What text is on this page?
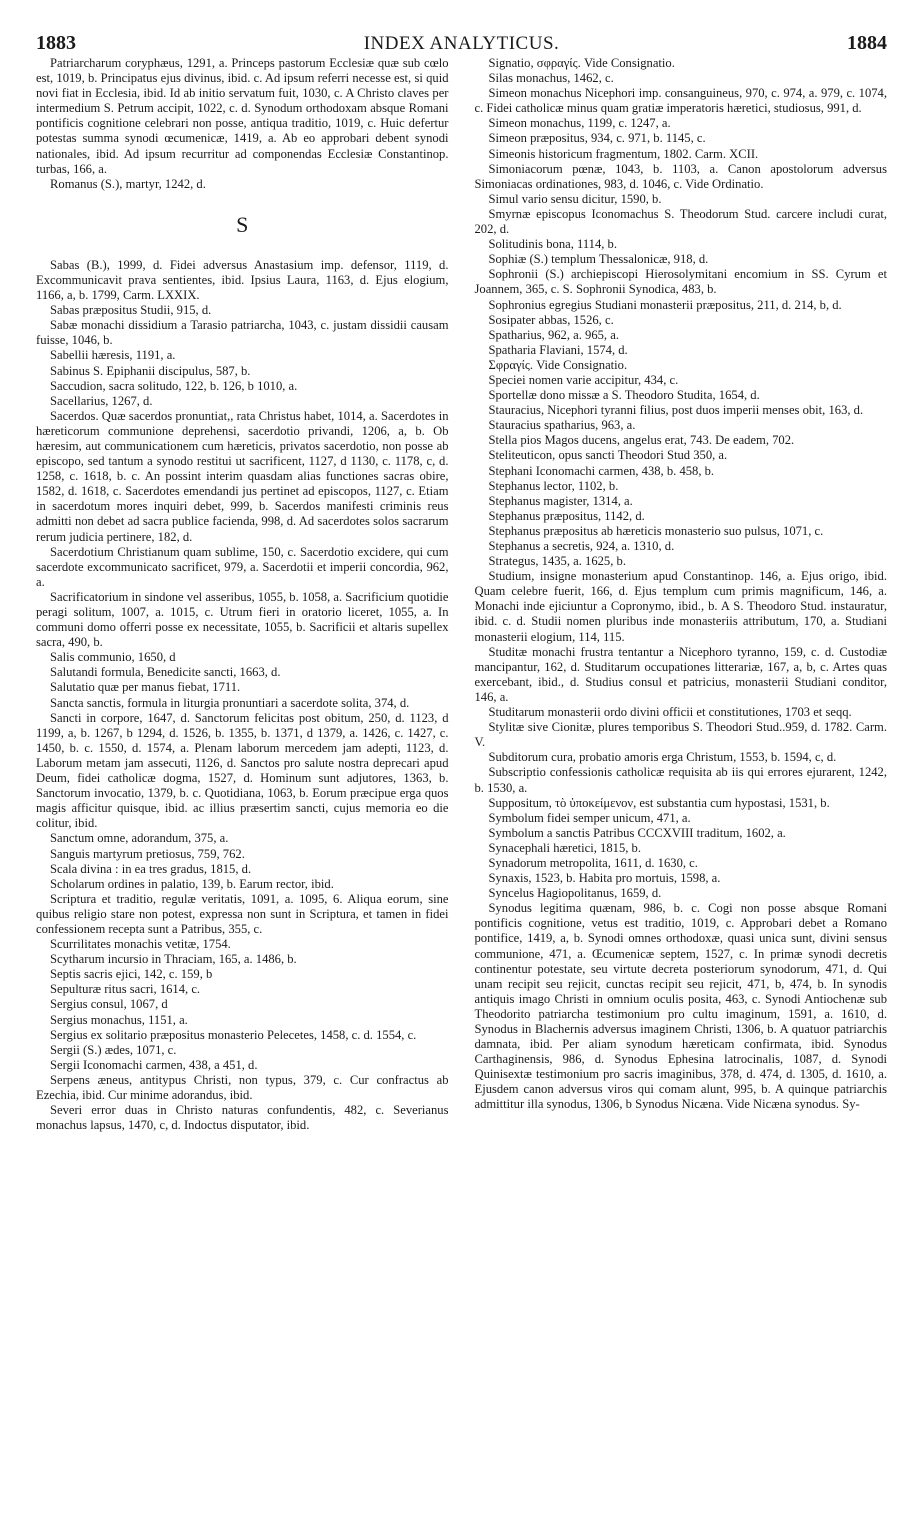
1883	INDEX ANALYTICUS.	1884

Patriarcharum coryphæus, 1291, a. Princeps pastorum Ecclesiæ quæ sub cœlo est, 1019, b. Principatus ejus divinus, ibid. c. Ad ipsum referri necesse est, si quid novi fiat in Ecclesia, ibid. Id ab initio servatum fuit, 1030, c. A Christo claves per intermedium S. Petrum accipit, 1022, c. d. Synodum orthodoxam absque Romani pontificis cognitione celebrari non posse, antiqua traditio, 1019, c. Huic defertur potestas summa synodi œcumenicæ, 1419, a. Ab eo approbari debent synodi nationales, ibid. Ad ipsum recurritur ad componendas Ecclesiæ Constantinop. turbas, 166, a.

Romanus (S.), martyr, 1242, d.

S

Sabas (B.), 1999, d. Fidei adversus Anastasium imp. defensor, 1119, d. Excommunicavit prava sentientes, ibid. Ipsius Laura, 1163, d. Ejus elogium, 1166, a, b. 1799, Carm. LXXIX.

Sabas præpositus Studii, 915, d.

Sabæ monachi dissidium a Tarasio patriarcha, 1043, c. justam dissidii causam fuisse, 1046, b.

Sabellii hæresis, 1191, a.

Sabinus S. Epiphanii discipulus, 587, b.

Saccudion, sacra solitudo, 122, b. 126, b 1010, a.

Sacellarius, 1267, d.

Sacerdos. Quæ sacerdos pronuntiat,, rata Christus habet, 1014, a. Sacerdotes in hæreticorum communione deprehensi, sacerdotio privandi, 1206, a, b. Ob hæresim, aut communicationem cum hæreticis, privatos sacerdotio, non posse ab episcopo, sed tantum a synodo restitui ut sacrificent, 1127, d 1130, c. 1178, c, d. 1258, c. 1618, b. c. An possint interim quasdam alias functiones sacras obire, 1582, d. 1618, c. Sacerdotes emendandi jus pertinet ad episcopos, 1127, c. Etiam in sacerdotum mores inquiri debet, 999, b. Sacerdos manifesti criminis reus admitti non debet ad sacra publice facienda, 998, d. Ad sacerdotes solos sacrarum rerum judicia pertinere, 182, d.

Sacerdotium Christianum quam sublime, 150, c. Sacerdotio excidere, qui cum sacerdote excommunicato sacrificet, 979, a. Sacerdotii et imperii concordia, 962, a.

Sacrificatorium in sindone vel asseribus, 1055, b. 1058, a. Sacrificium quotidie peragi solitum, 1007, a. 1015, c. Utrum fieri in oratorio liceret, 1055, a. In communi domo offerri posse ex necessitate, 1055, b. Sacrificii et altaris supellex sacra, 490, b.

Salis communio, 1650, d

Salutandi formula, Benedicite sancti, 1663, d.

Salutatio quæ per manus fiebat, 1711.

Sancta sanctis, formula in liturgia pronuntiari a sacerdote solita, 374, d.

Sancti in corpore, 1647, d. Sanctorum felicitas post obitum, 250, d. 1123, d 1199, a, b. 1267, b 1294, d. 1526, b. 1355, b. 1371, d 1379, a. 1426, c. 1427, c. 1450, b. c. 1550, d. 1574, a. Plenam laborum mercedem jam adepti, 1123, d. Laborum metam jam assecuti, 1126, d. Sanctos pro salute nostra deprecari apud Deum, fidei catholicæ dogma, 1527, d. Hominum sunt adjutores, 1363, b. Sanctorum invocatio, 1379, b. c. Quotidiana, 1063, b. Eorum præcipue erga quos magis afficitur quisque, ibid. ac illius præsertim sancti, cujus memoria eo die colitur, ibid.

Sanctum omne, adorandum, 375, a.

Sanguis martyrum pretiosus, 759, 762.

Scala divina : in ea tres gradus, 1815, d.

Scholarum ordines in palatio, 139, b. Earum rector, ibid.

Scriptura et traditio, regulæ veritatis, 1091, a. 1095, 6. Aliqua eorum, sine quibus religio stare non potest, expressa non sunt in Scriptura, et tamen in fidei confessionem recepta sunt a Patribus, 355, c.

Scurrilitates monachis vetitæ, 1754.

Scytharum incursio in Thraciam, 165, a. 1486, b.

Septis sacris ejici, 142, c. 159, b

Sepulturæ ritus sacri, 1614, c.

Sergius consul, 1067, d

Sergius monachus, 1151, a.

Sergius ex solitario præpositus monasterio Pelecetes, 1458, c. d. 1554, c.

Sergii (S.) ædes, 1071, c.

Sergii Iconomachi carmen, 438, a 451, d.

Serpens æneus, antitypus Christi, non typus, 379, c. Cur confractus ab Ezechia, ibid. Cur minime adorandus, ibid.

Severi error duas in Christo naturas confundentis, 482, c. Severianus monachus lapsus, 1470, c, d. Indoctus disputator, ibid.

Signatio, σφραγίς. Vide Consignatio.

Silas monachus, 1462, c.

Simeon monachus Nicephori imp. consanguineus, 970, c. 974, a. 979, c. 1074, c. Fidei catholicæ minus quam gratiæ imperatoris hæretici, studiosus, 991, d.

Simeon monachus, 1199, c. 1247, a.

Simeon præpositus, 934, c. 971, b. 1145, c.

Simeonis historicum fragmentum, 1802. Carm. XCII.

Simoniacorum pœnæ, 1043, b. 1103, a. Canon apostolorum adversus Simoniacas ordinationes, 983, d. 1046, c. Vide Ordinatio.

Simul vario sensu dicitur, 1590, b.

Smyrnæ episcopus Iconomachus S. Theodorum Stud. carcere includi curat, 202, d.

Solitudinis bona, 1114, b.

Sophiæ (S.) templum Thessalonicæ, 918, d.

Sophronii (S.) archiepiscopi Hierosolymitani encomium in SS. Cyrum et Joannem, 365, c. S. Sophronii Synodica, 483, b.

Sophronius egregius Studiani monasterii præpositus, 211, d. 214, b, d.

Sosipater abbas, 1526, c.

Spatharius, 962, a. 965, a.

Spatharia Flaviani, 1574, d.

Σφραγίς. Vide Consignatio.

Speciei nomen varie accipitur, 434, c.

Sportellæ dono missæ a S. Theodoro Studita, 1654, d.

Stauracius, Nicephori tyranni filius, post duos imperii menses obit, 163, d.

Stauracius spatharius, 963, a.

Stella pios Magos ducens, angelus erat, 743. De eadem, 702.

Steliteuticon, opus sancti Theodori Stud 350, a.

Stephani Iconomachi carmen, 438, b. 458, b.

Stephanus lector, 1102, b.

Stephanus magister, 1314, a.

Stephanus præpositus, 1142, d.

Stephanus præpositus ab hæreticis monasterio suo pulsus, 1071, c.

Stephanus a secretis, 924, a. 1310, d.

Strategus, 1435, a. 1625, b.

Studium, insigne monasterium apud Constantinop. 146, a. Ejus origo, ibid. Quam celebre fuerit, 166, d. Ejus templum cum primis magnificum, 146, a. Monachi inde ejiciuntur a Copronymo, ibid., b. A S. Theodoro Stud. instauratur, ibid. c. d. Studii nomen pluribus inde monasteriis attributum, 170, a. Studiani monasterii elogium, 114, 115.

Studitæ monachi frustra tentantur a Nicephoro tyranno, 159, c. d. Custodiæ mancipantur, 162, d. Studitarum occupationes litterariæ, 167, a, b, c. Artes quas exercebant, ibid., d. Studius consul et patricius, monasterii Studiani conditor, 146, a.

Studitarum monasterii ordo divini officii et constitutiones, 1703 et seqq.

Stylitæ sive Cionitæ, plures temporibus S. Theodori Stud..959, d. 1782. Carm. V.

Subditorum cura, probatio amoris erga Christum, 1553, b. 1594, c, d.

Subscriptio confessionis catholicæ requisita ab iis qui errores ejurarent, 1242, b. 1530, a.

Suppositum, τὸ ὑποκείμενον, est substantia cum hypostasi, 1531, b.

Symbolum fidei semper unicum, 471, a.

Symbolum a sanctis Patribus CCCXVIII traditum, 1602, a.

Synacephali hæretici, 1815, b.

Synadorum metropolita, 1611, d. 1630, c.

Synaxis, 1523, b. Habita pro mortuis, 1598, a.

Syncelus Hagiopolitanus, 1659, d.

Synodus legitima quænam, 986, b. c. Cogi non posse absque Romani pontificis cognitione, vetus est traditio, 1019, c. Approbari debet a Romano pontifice, 1419, a, b. Synodi omnes orthodoxæ, quasi unica sunt, divini sensus communione, 471, a. Œcumenicæ septem, 1527, c. In primæ synodi decretis continentur potestate, seu virtute decreta posteriorum synodorum, 471, d. Qui unam recipit seu rejicit, cunctas recipit seu rejicit, 471, b, 474, b. In synodis antiquis imago Christi in omnium oculis posita, 463, c. Synodi Antiochenæ sub Theodorito patriarcha testimonium pro cultu imaginum, 1591, a. 1610, d. Synodus in Blachernis adversus imaginem Christi, 1306, b. A quatuor patriarchis damnata, ibid. Per aliam synodum hæreticam confirmata, ibid. Synodus Carthaginensis, 986, d. Synodus Ephesina latrocinalis, 1087, d. Synodi Quinisextæ testimonium pro sacris imaginibus, 378, d. 474, d. 1305, d. 1610, a. Ejusdem canon adversus viros qui comam alunt, 995, b. A quinque patriarchis admittitur illa synodus, 1306, b Synodus Nicæna. Vide Nicæna synodus. Sy-
